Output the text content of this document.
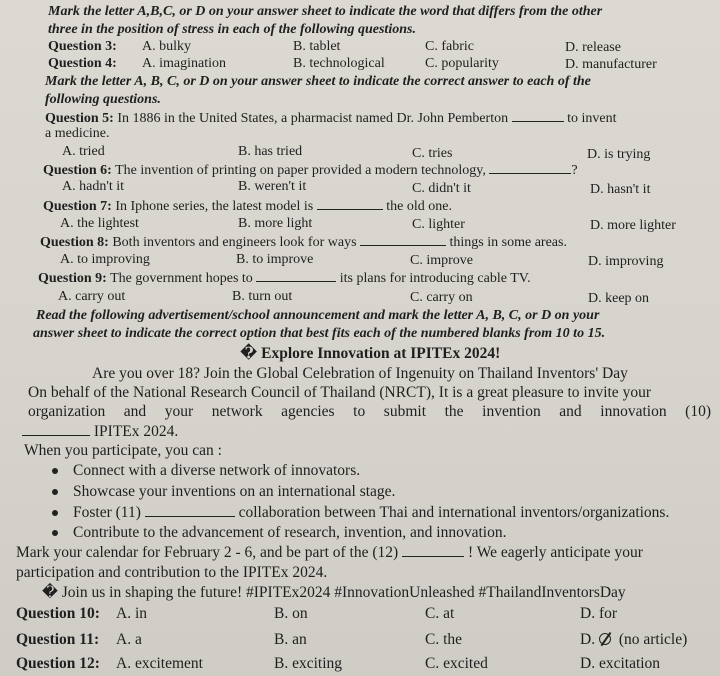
Mark the letter A,B,C, or D on your answer sheet to indicate the word that differs from the other
three in the position of stress in each of the following questions.
Question 3: A. bulky	B. tablet	C. fabric	D. release
Question 4: A. imagination	B. technological	C. popularity	D. manufacturer
Mark the letter A, B, C, or D on your answer sheet to indicate the correct answer to each of the
following questions.
Question 5: In 1886 in the United States, a pharmacist named Dr. John Pemberton	to invent
a medicine.
A. tried	B. has tried	C. tries	D. is trying
Question 6: The invention of printing on paper provided a modern technology,	?
A. hadn't it	B. weren't it	C. didn't it	D. hasn't it
Question 7: In Iphone series, the latest model is	the old one.
A. the lightest	B. more light	C. lighter	D. more lighter
Question 8: Both inventors and engineers look for ways	things in some areas.
A. to improving	B. to improve	C. improve	D. improving
Question 9: The government hopes to	its plans for introducing cable TV.
A. carry out	B. turn out	C. carry on	D. keep on
Read the following advertisement/school announcement and mark the letter A, B, C, or D on your
answer sheet to indicate the correct option that best fits each of the numbered blanks from 10 to 15.
� Explore Innovation at IPITEx 2024!
Are you over 18? Join the Global Celebration of Ingenuity on Thailand Inventors' Day
On behalf of the National Research Council of Thailand (NRCT), It is a great pleasure to invite your
organization and your network agencies to submit the invention and innovation (10)
IPITEx 2024.
When you participate, you can :
Connect with a diverse network of innovators.
Showcase your inventions on an international stage.
Foster (11)	collaboration between Thai and international inventors/organizations.
Contribute to the advancement of research, invention, and innovation.
Mark your calendar for February 2 - 6, and be part of the (12)	! We eagerly anticipate your
participation and contribution to the IPITEx 2024.
� Join us in shaping the future! #IPITEx2024 #InnovationUnleashed #ThailandInventorsDay
Question 10: A. in	B. on	C. at	D. for
Question 11: A. a	B. an	C. the	D. (no article)
Question 12: A. excitement	B. exciting	C. excited	D. excitation
